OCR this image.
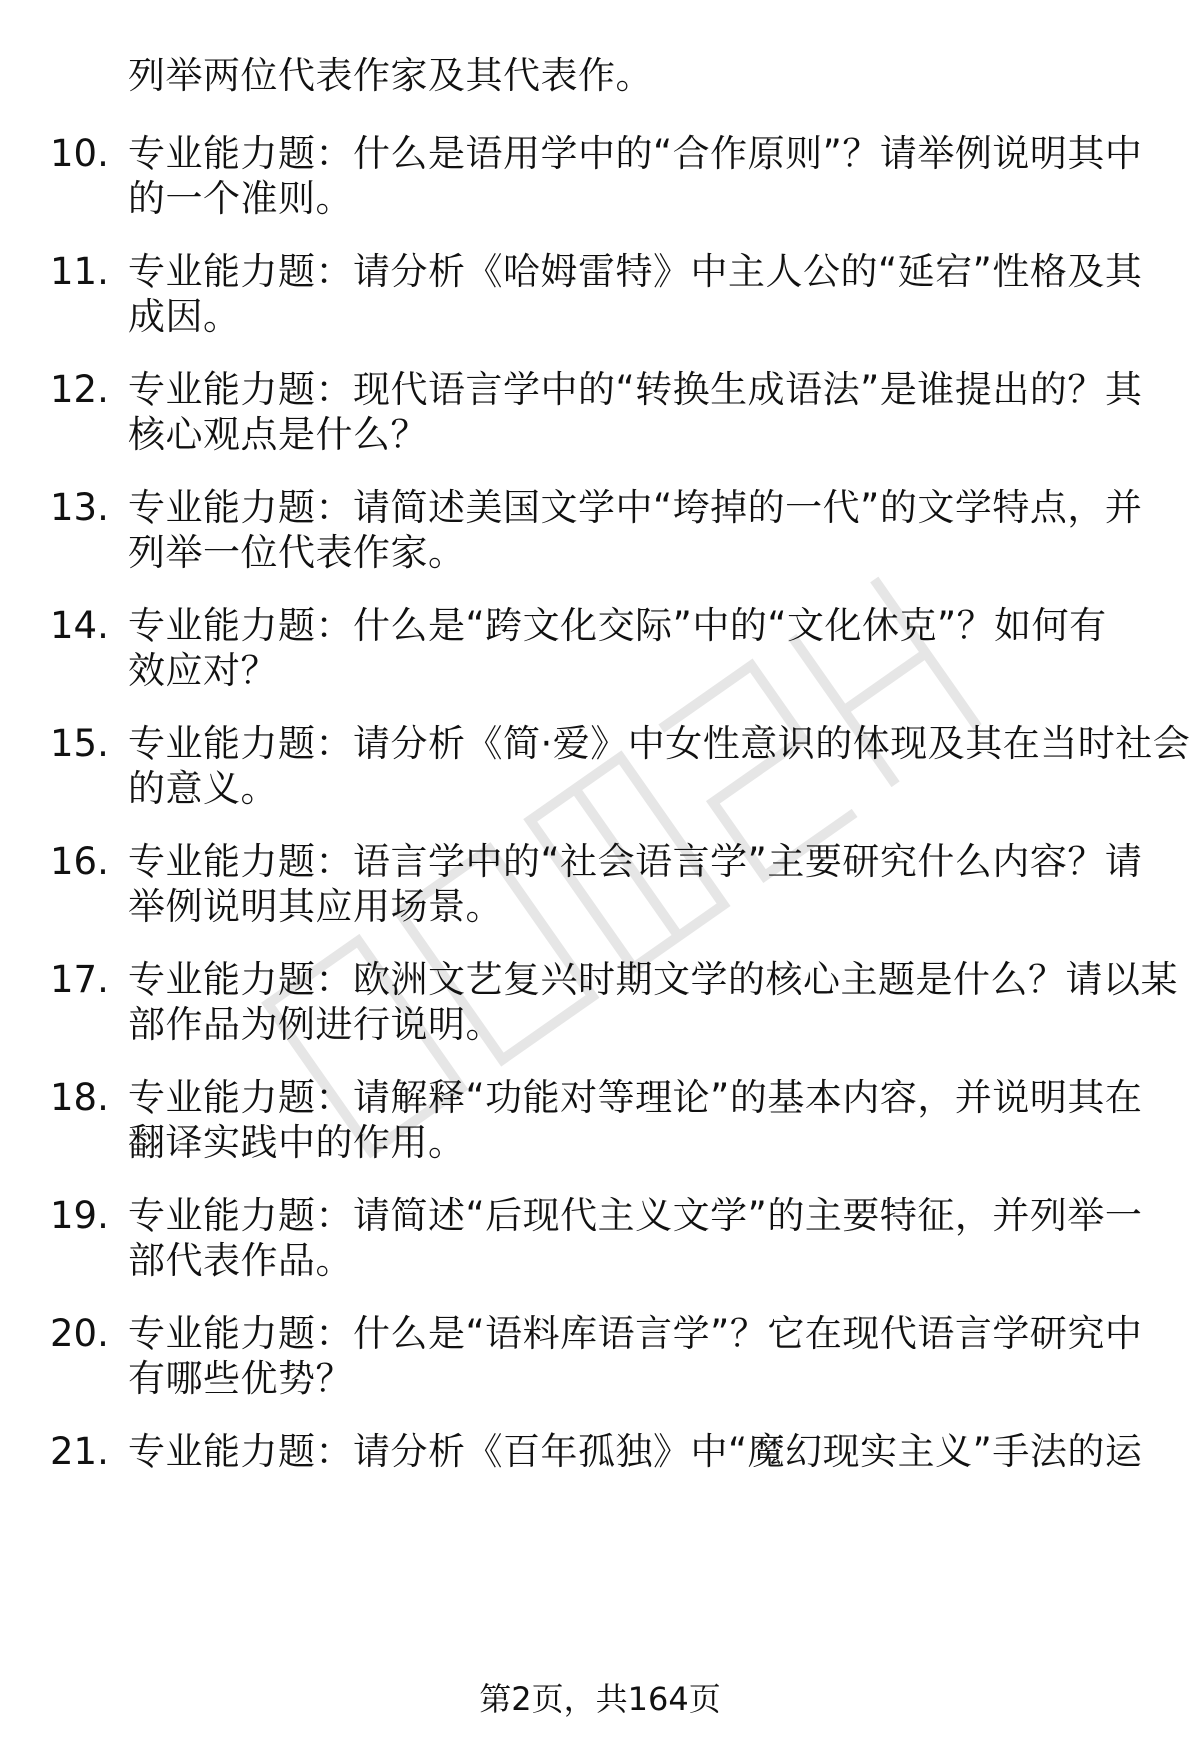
列举两位代表作家及其代表作。
10. 专业能力题：什么是语用学中的“合作原则”？请举例说明其中
的一个准则。
11. 专业能力题：请分析《哈姆雷特》中主人公的“延宕”性格及其
成因。
12. 专业能力题：现代语言学中的“转换生成语法”是谁提出的？其
核心观点是什么？
13. 专业能力题：请简述美国文学中“垮掉的一代”的文学特点，并
列举一位代表作家。
14. 专业能力题：什么是“跨文化交际”中的“文化休克”？如何有
效应对？
15. 专业能力题：请分析《简·爱》中女性意识的体现及其在当时社会
的意义。
16. 专业能力题：语言学中的“社会语言学”主要研究什么内容？请
举例说明其应用场景。
17. 专业能力题：欧洲文艺复兴时期文学的核心主题是什么？请以某
部作品为例进行说明。
18. 专业能力题：请解释“功能对等理论”的基本内容，并说明其在
翻译实践中的作用。
19. 专业能力题：请简述“后现代主义文学”的主要特征，并列举一
部代表作品。
20. 专业能力题：什么是“语料库语言学”？它在现代语言学研究中
有哪些优势？
21. 专业能力题：请分析《百年孤独》中“魔幻现实主义”手法的运
第2页，共164页
